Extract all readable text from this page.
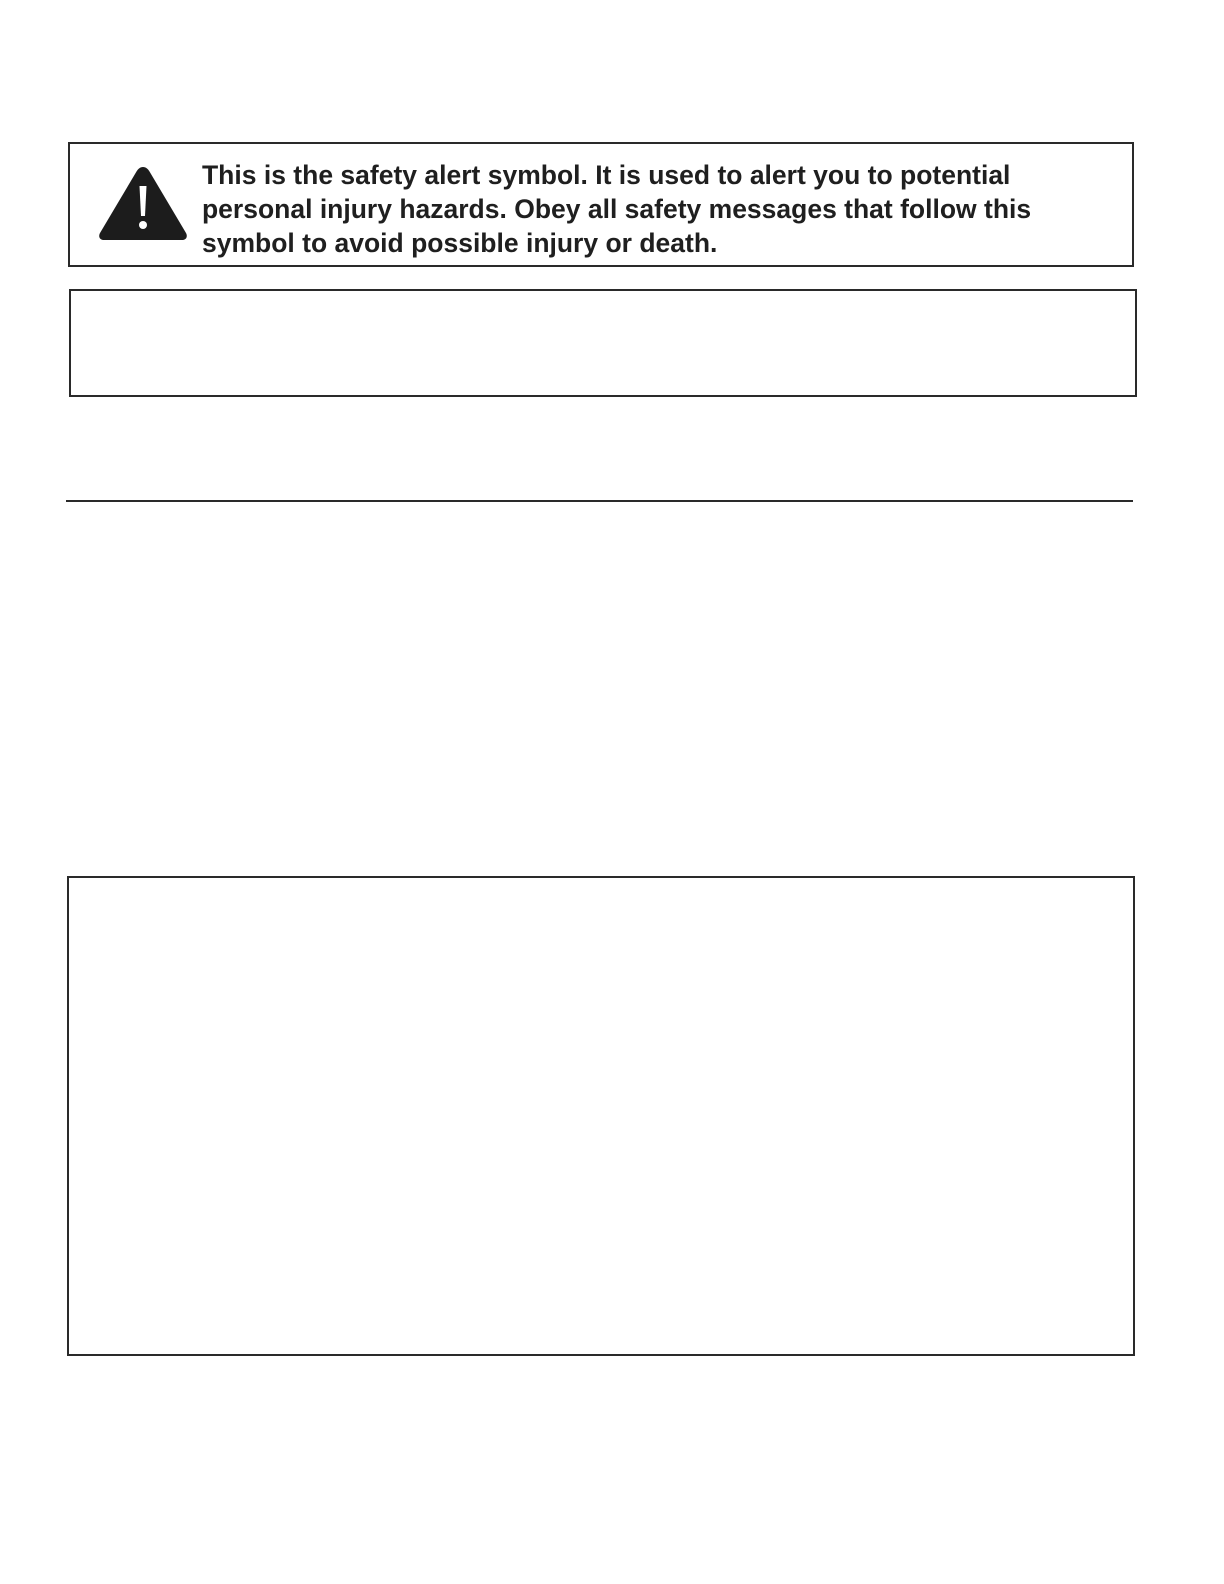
This is the safety alert symbol. It is used to alert you to potential personal injury hazards. Obey all safety messages that follow this symbol to avoid possible injury or death.
